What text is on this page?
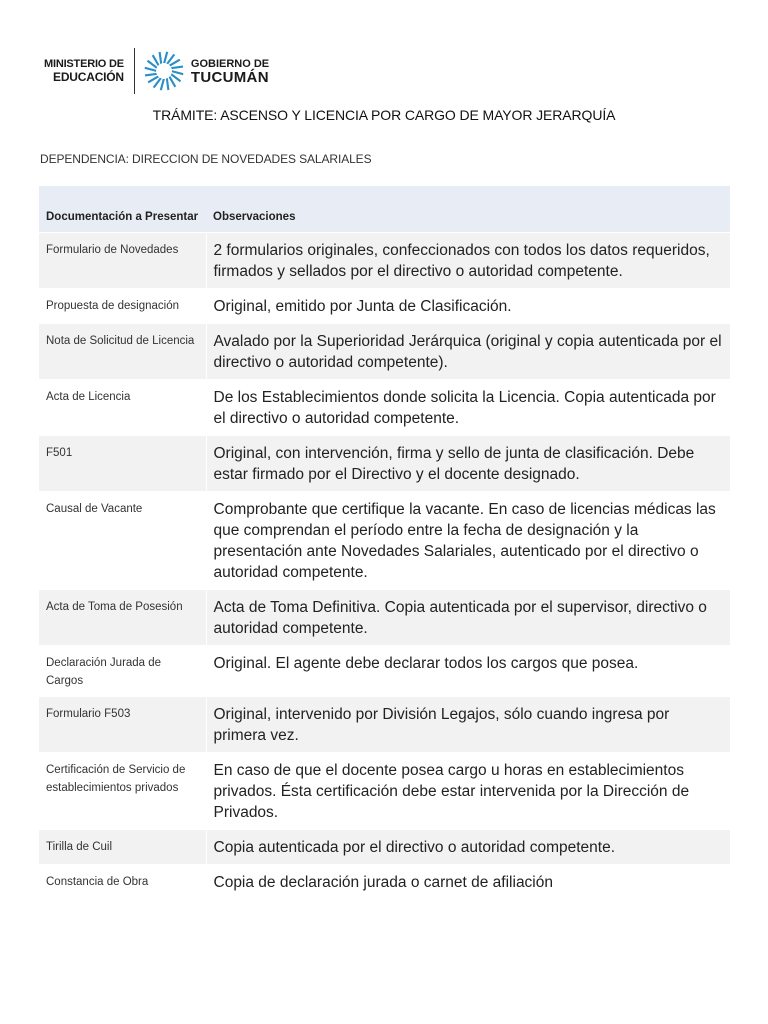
MINISTERIO DE
EDUCACIÓN
GOBIERNO DE
TUCUMÁN
TRÁMITE: ASCENSO Y LICENCIA POR CARGO DE MAYOR JERARQUÍA
DEPENDENCIA: DIRECCION DE NOVEDADES SALARIALES
Documentación a Presentar	Observaciones
Formulario de Novedades	2 formularios originales, confeccionados con todos los datos requeridos, firmados y sellados por el directivo o autoridad competente.
Propuesta de designación	Original, emitido por Junta de Clasificación.
Nota de Solicitud de Licencia	Avalado por la Superioridad Jerárquica (original y copia autenticada por el directivo o autoridad competente).
Acta de Licencia	De los Establecimientos donde solicita la Licencia. Copia autenticada por el directivo o autoridad competente.
F501	Original, con intervención, firma y sello de junta de clasificación. Debe estar firmado por el Directivo y el docente designado.
Causal de Vacante	Comprobante que certifique la vacante. En caso de licencias médicas las que comprendan el período entre la fecha de designación y la presentación ante Novedades Salariales, autenticado por el directivo o autoridad competente.
Acta de Toma de Posesión	Acta de Toma Definitiva. Copia autenticada por el supervisor, directivo o autoridad competente.
Declaración Jurada de Cargos	Original. El agente debe declarar todos los cargos que posea.
Formulario F503	Original, intervenido por División Legajos, sólo cuando ingresa por primera vez.
Certificación de Servicio de establecimientos privados	En caso de que el docente posea cargo u horas en establecimientos privados. Ésta certificación debe estar intervenida por la Dirección de Privados.
Tirilla de Cuil	Copia autenticada por el directivo o autoridad competente.
Constancia de Obra	Copia de declaración jurada o carnet de afiliación
